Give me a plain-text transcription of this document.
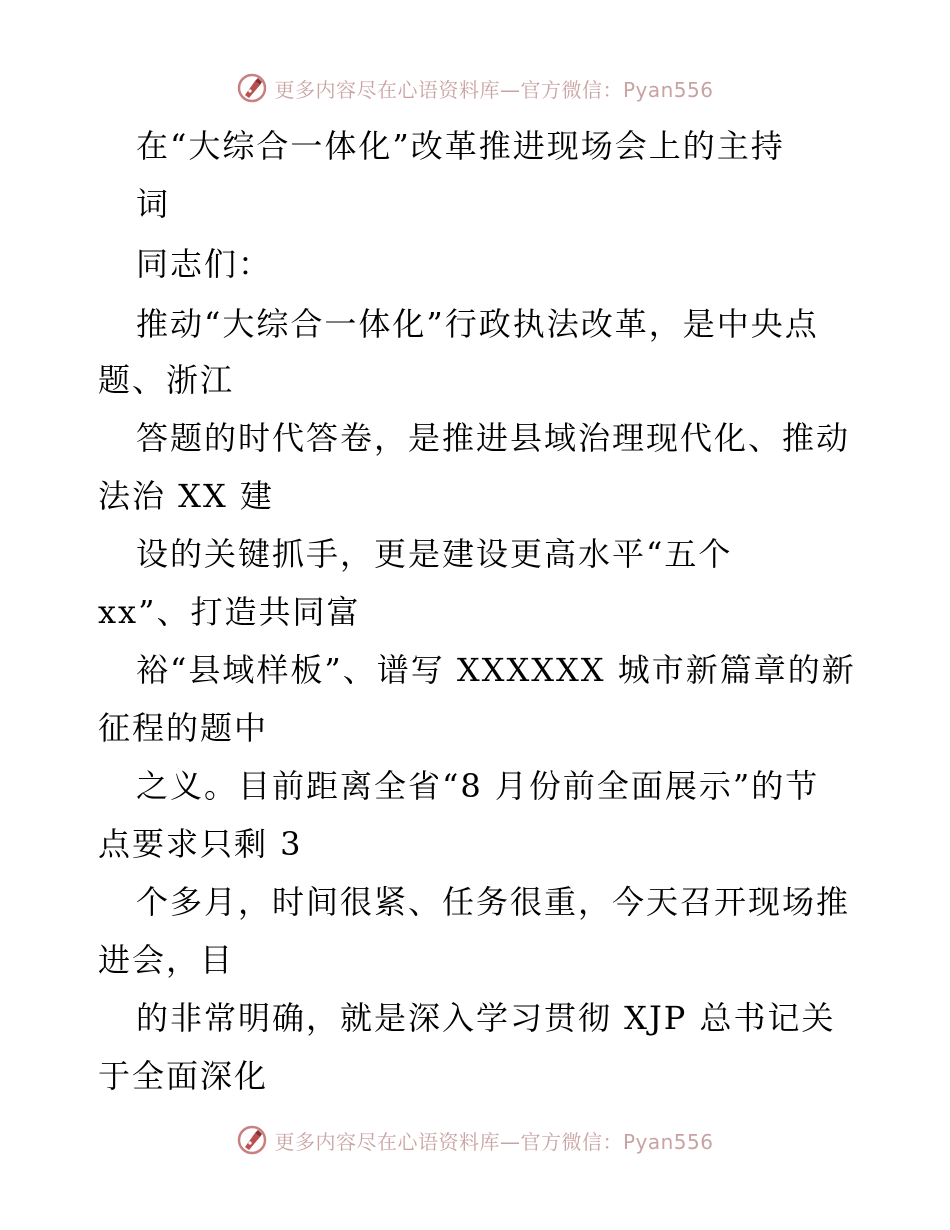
更多内容尽在心语资料库—官方微信：Pyan556
在“大综合一体化”改革推进现场会上的主持
词
同志们：
推动“大综合一体化”行政执法改革，是中央点
题、浙江
答题的时代答卷，是推进县域治理现代化、推动
法治 XX 建
设的关键抓手，更是建设更高水平“五个
xx”、打造共同富
裕“县域样板”、谱写 XXXXXX 城市新篇章的新
征程的题中
之义。目前距离全省“8 月份前全面展示”的节
点要求只剩 3
个多月，时间很紧、任务很重，今天召开现场推
进会，目
的非常明确，就是深入学习贯彻 XJP 总书记关
于全面深化
更多内容尽在心语资料库—官方微信：Pyan556
